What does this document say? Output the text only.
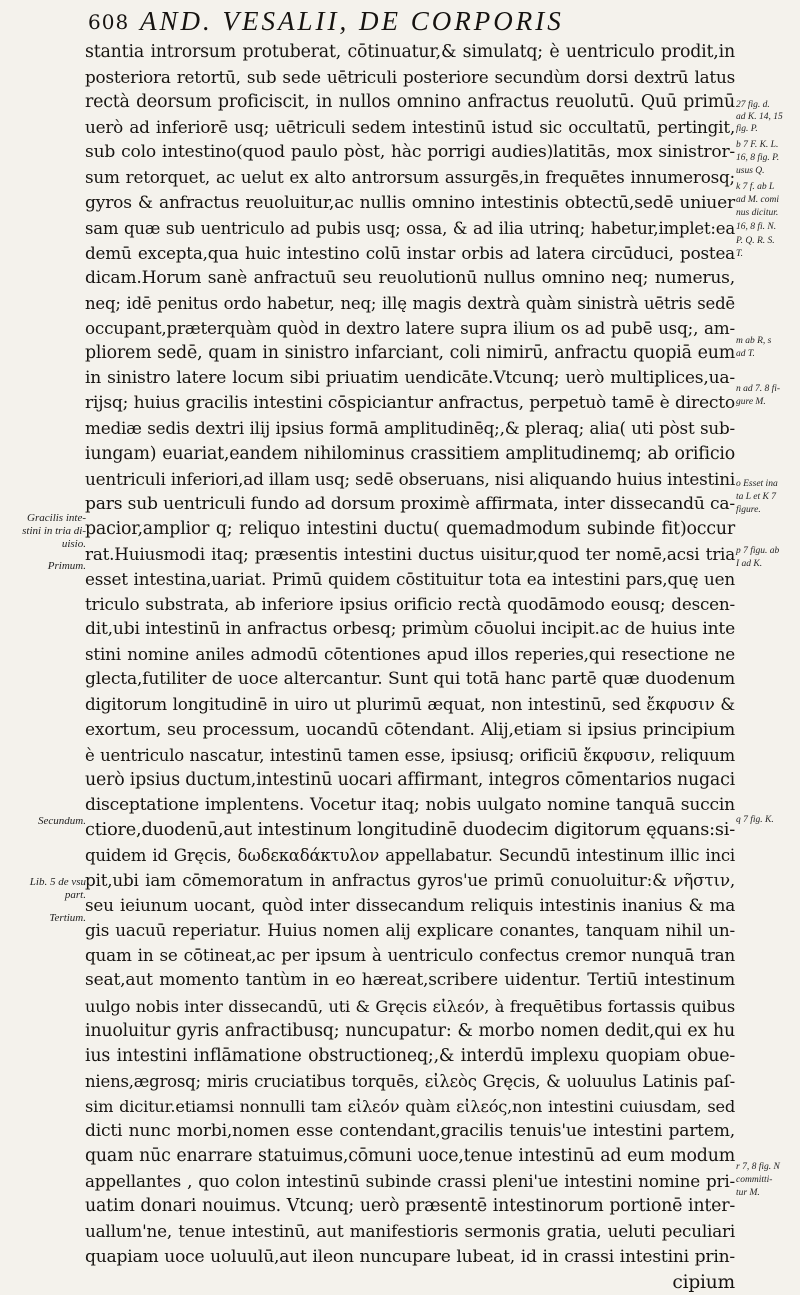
608 AND. VESALII, DE CORPORIS
Gracilis inte-
stini in tria di-
uisio.
Primum.
Secundum.
Lib. 5 de vsu
part.
Tertium.
27 fig. d.
ad K. 14, 15
fig. P.
b 7 F. K. L.
16, 8 fig. P.
usus Q.
k 7 f. ab L
ad M. comi
nus dicitur.
16, 8 fi. N.
P. Q. R. S.
T.
m ab R, s
ad T.
n ad 7. 8 fi-
gure M.
o Esset ina
ta L et K 7
figure.
p 7 figu. ab
I ad K.
q 7 fig. K.
r 7, 8 fig. N
committi-
tur M.
stantia introrsum protuberat, cōtinuatur,& simulatq; è uentriculo prodit,in
posteriora retortū, sub sede uētriculi posteriore secundùm dorsi dextrū latus
rectà deorsum proficiscit, in nullos omnino anfractus reuolutū. Quū primū
uerò ad inferiorē usq; uētriculi sedem intestinū istud sic occultatū, pertingit,
sub colo intestino(quod paulo pòst, hàc porrigi audies)latitās, mox sinistror-
sum retorquet, ac uelut ex alto antrorsum assurgēs,in frequētes innumerosq;
gyros & anfractus reuoluitur,ac nullis omnino intestinis obtectū,sedē uniuer
sam quæ sub uentriculo ad pubis usq; ossa, & ad ilia utrinq; habetur,implet:ea
demū excepta,qua huic intestino colū instar orbis ad latera circūduci, postea
dicam.Horum sanè anfractuū seu reuolutionū nullus omnino neq; numerus,
neq; idē penitus ordo habetur, neq; illę magis dextrà quàm sinistrà uētris sedē
occupant,præterquàm quòd in dextro latere supra ilium os ad pubē usq;, am-
pliorem sedē, quam in sinistro infarciant, coli nimirū, anfractu quopiā eum
in sinistro latere locum sibi priuatim uendicāte.Vtcunq; uerò multiplices,ua-
rijsq; huius gracilis intestini cōspiciantur anfractus, perpetuò tamē è directo
mediæ sedis dextri ilij ipsius formā amplitudinēq;,& pleraq; alia( uti pòst sub-
iungam) euariat,eandem nihilominus crassitiem amplitudinemq; ab orificio
uentriculi inferiori,ad illam usq; sedē obseruans, nisi aliquando huius intestini
pars sub uentriculi fundo ad dorsum proximè affirmata, inter dissecandū ca-
pacior,amplior q; reliquo intestini ductu( quemadmodum subinde fit)occur
rat.Huiusmodi itaq; præsentis intestini ductus uisitur,quod ter nomē,acsi tria
esset intestina,uariat. Primū quidem cōstituitur tota ea intestini pars,quę uen
triculo substrata, ab inferiore ipsius orificio rectà quodāmodo eousq; descen-
dit,ubi intestinū in anfractus orbesq; primùm cōuolui incipit.ac de huius inte
stini nomine aniles admodū cōtentiones apud illos reperies,qui resectione ne
glecta,futiliter de uoce altercantur. Sunt qui totā hanc partē quæ duodenum
digitorum longitudinē in uiro ut plurimū æquat, non intestinū, sed ἔκφυσιν &
exortum, seu processum, uocandū cōtendant. Alij,etiam si ipsius principium
è uentriculo nascatur, intestinū tamen esse, ipsiusq; orificiū ἔκφυσιν, reliquum
uerò ipsius ductum,intestinū uocari affirmant, integros cōmentarios nugaci
disceptatione implentens. Vocetur itaq; nobis uulgato nomine tanquā succin
ctiore,duodenū,aut intestinum longitudinē duodecim digitorum ęquans:si-
quidem id Gręcis, δωδεκαδάκτυλον appellabatur. Secundū intestinum illic inci
pit,ubi iam cōmemoratum in anfractus gyros'ue primū conuoluitur:& νῆστιν,
seu ieiunum uocant, quòd inter dissecandum reliquis intestinis inanius & ma
gis uacuū reperiatur. Huius nomen alij explicare conantes, tanquam nihil un-
quam in se cōtineat,ac per ipsum à uentriculo confectus cremor nunquā tran
seat,aut momento tantùm in eo hæreat,scribere uidentur. Tertiū intestinum
uulgo nobis inter dissecandū, uti & Gręcis εἰλεόν, à frequētibus fortassis quibus
inuoluitur gyris anfractibusq; nuncupatur: & morbo nomen dedit,qui ex hu
ius intestini inflāmatione obstructioneq;,& interdū implexu quopiam obue-
niens,ægrosq; miris cruciatibus torquēs, εἰλεὸς Gręcis, & uoluulus Latinis paſ-
sim dicitur.etiamsi nonnulli tam εἰλεόν quàm εἰλεός,non intestini cuiusdam, sed
dicti nunc morbi,nomen esse contendant,gracilis tenuis'ue intestini partem,
quam nūc enarrare statuimus,cōmuni uoce,tenue intestinū ad eum modum
appellantes , quo colon intestinū subinde crassi pleni'ue intestini nomine pri-
uatim donari nouimus. Vtcunq; uerò præsentē intestinorum portionē inter-
uallum'ne, tenue intestinū, aut manifestioris sermonis gratia, ueluti peculiari
quapiam uoce uoluulū,aut ileon nuncupare lubeat, id in crassi intestini prin-
cipium
